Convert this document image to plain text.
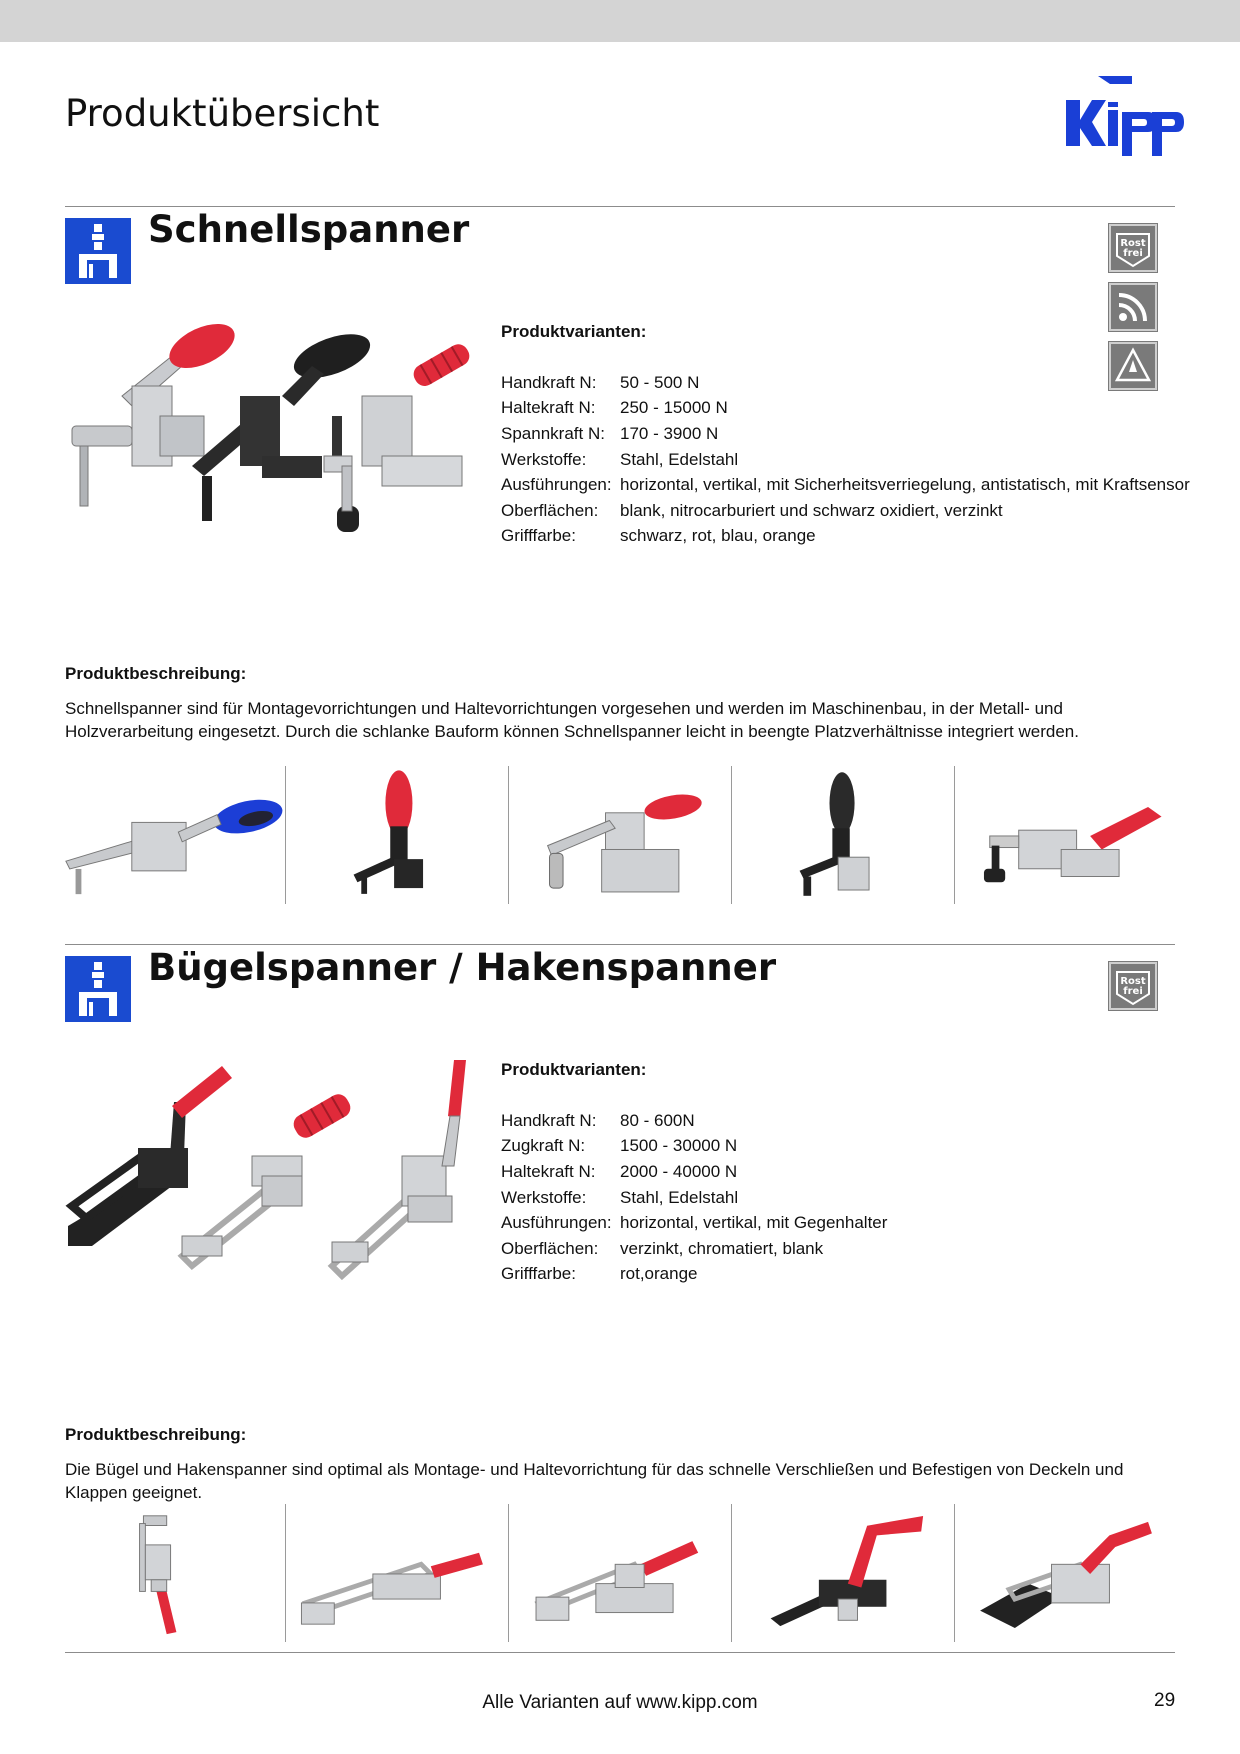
Produktübersicht
Schnellspanner	Rost
frei
Produktvarianten:
Handkraft N:	50 - 500 N
Haltekraft N:	250 - 15000 N
Spannkraft N: 170 - 3900 N
Werkstoffe:	Stahl, Edelstahl
Ausführungen: horizontal, vertikal, mit Sicherheitsverriegelung, antistatisch, mit Kraftsensor
Oberflächen:	blank, nitrocarburiert und schwarz oxidiert, verzinkt
Grifffarbe:	schwarz, rot, blau, orange
Produktbeschreibung:
Schnellspanner sind für Montagevorrichtungen und Haltevorrichtungen vorgesehen und werden im Maschinenbau, in der Metall- und Holzverarbeitung eingesetzt. Durch die schlanke Bauform können Schnellspanner leicht in beengte Platzverhältnisse integriert werden.
Bügelspanner / Hakenspanner	Rost
frei
Produktvarianten:
Handkraft N:	80 - 600N
Zugkraft N:	1500 - 30000 N
Haltekraft N:	2000 - 40000 N
Werkstoffe:	Stahl, Edelstahl
Ausführungen: horizontal, vertikal, mit Gegenhalter
Oberflächen:	verzinkt, chromatiert, blank
Grifffarbe:	rot,orange
Produktbeschreibung:
Die Bügel und Hakenspanner sind optimal als Montage- und Haltevorrichtung für das schnelle Verschließen und Befestigen von Deckeln und Klappen geeignet.
Alle Varianten auf www.kipp.com	29
